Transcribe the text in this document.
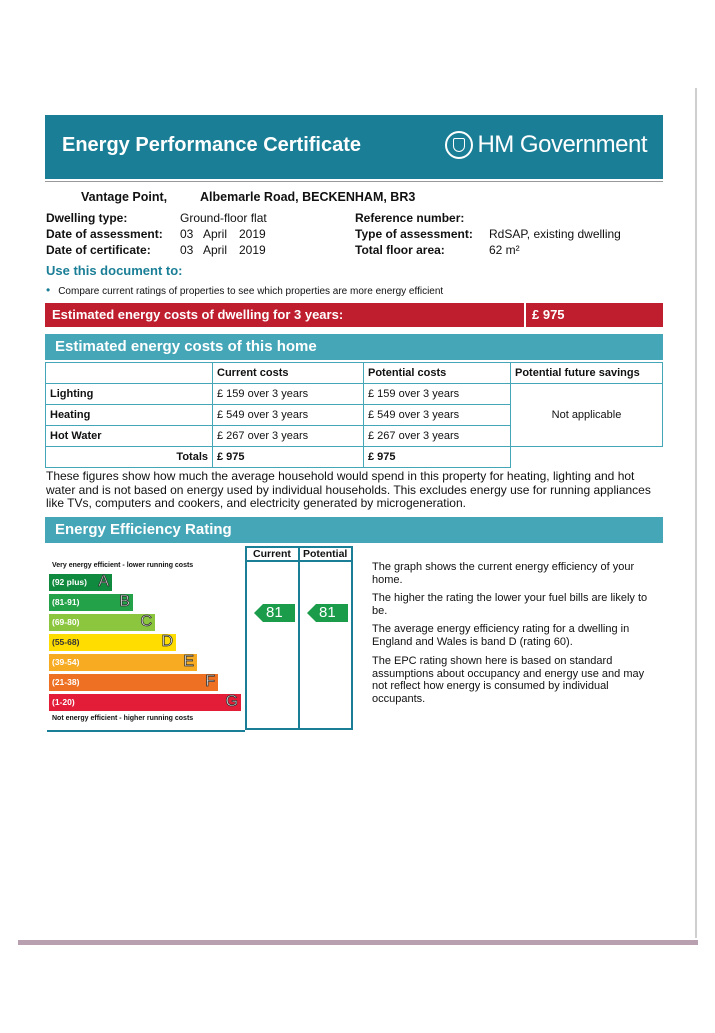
Energy Performance Certificate	HM Government
Vantage Point,	Albemarle Road, BECKENHAM, BR3
Dwelling type:	Ground-floor flat
Date of assessment: 03 April 2019
Date of certificate: 03 April 2019
Reference number:
Type of assessment: RdSAP, existing dwelling
Total floor area:	62 m²
Use this document to:
• Compare current ratings of properties to see which properties are more energy efficient
Estimated energy costs of dwelling for 3 years:	£ 975
Estimated energy costs of this home
	Current costs	Potential costs	Potential future savings
Lighting	£ 159 over 3 years	£ 159 over 3 years	Not applicable
Heating	£ 549 over 3 years	£ 549 over 3 years	
Hot Water	£ 267 over 3 years	£ 267 over 3 years	
Totals	£ 975	£ 975	
These figures show how much the average household would spend in this property for heating, lighting and hot water and is not based on energy used by individual households. This excludes energy use for running appliances like TVs, computers and cookers, and electricity generated by microgeneration.
Energy Efficiency Rating
Very energy efficient - lower running costs
(92 plus) A
(81-91) B
(69-80)	C
(55-68)	D
(39-54)	E
(21-38)	F
(1-20)	G
Not energy efficient - higher running costs
Current Potential
81 81
The graph shows the current energy efficiency of your home.
The higher the rating the lower your fuel bills are likely to be.
The average energy efficiency rating for a dwelling in England and Wales is band D (rating 60).
The EPC rating shown here is based on standard assumptions about occupancy and energy use and may not reflect how energy is consumed by individual occupants.
